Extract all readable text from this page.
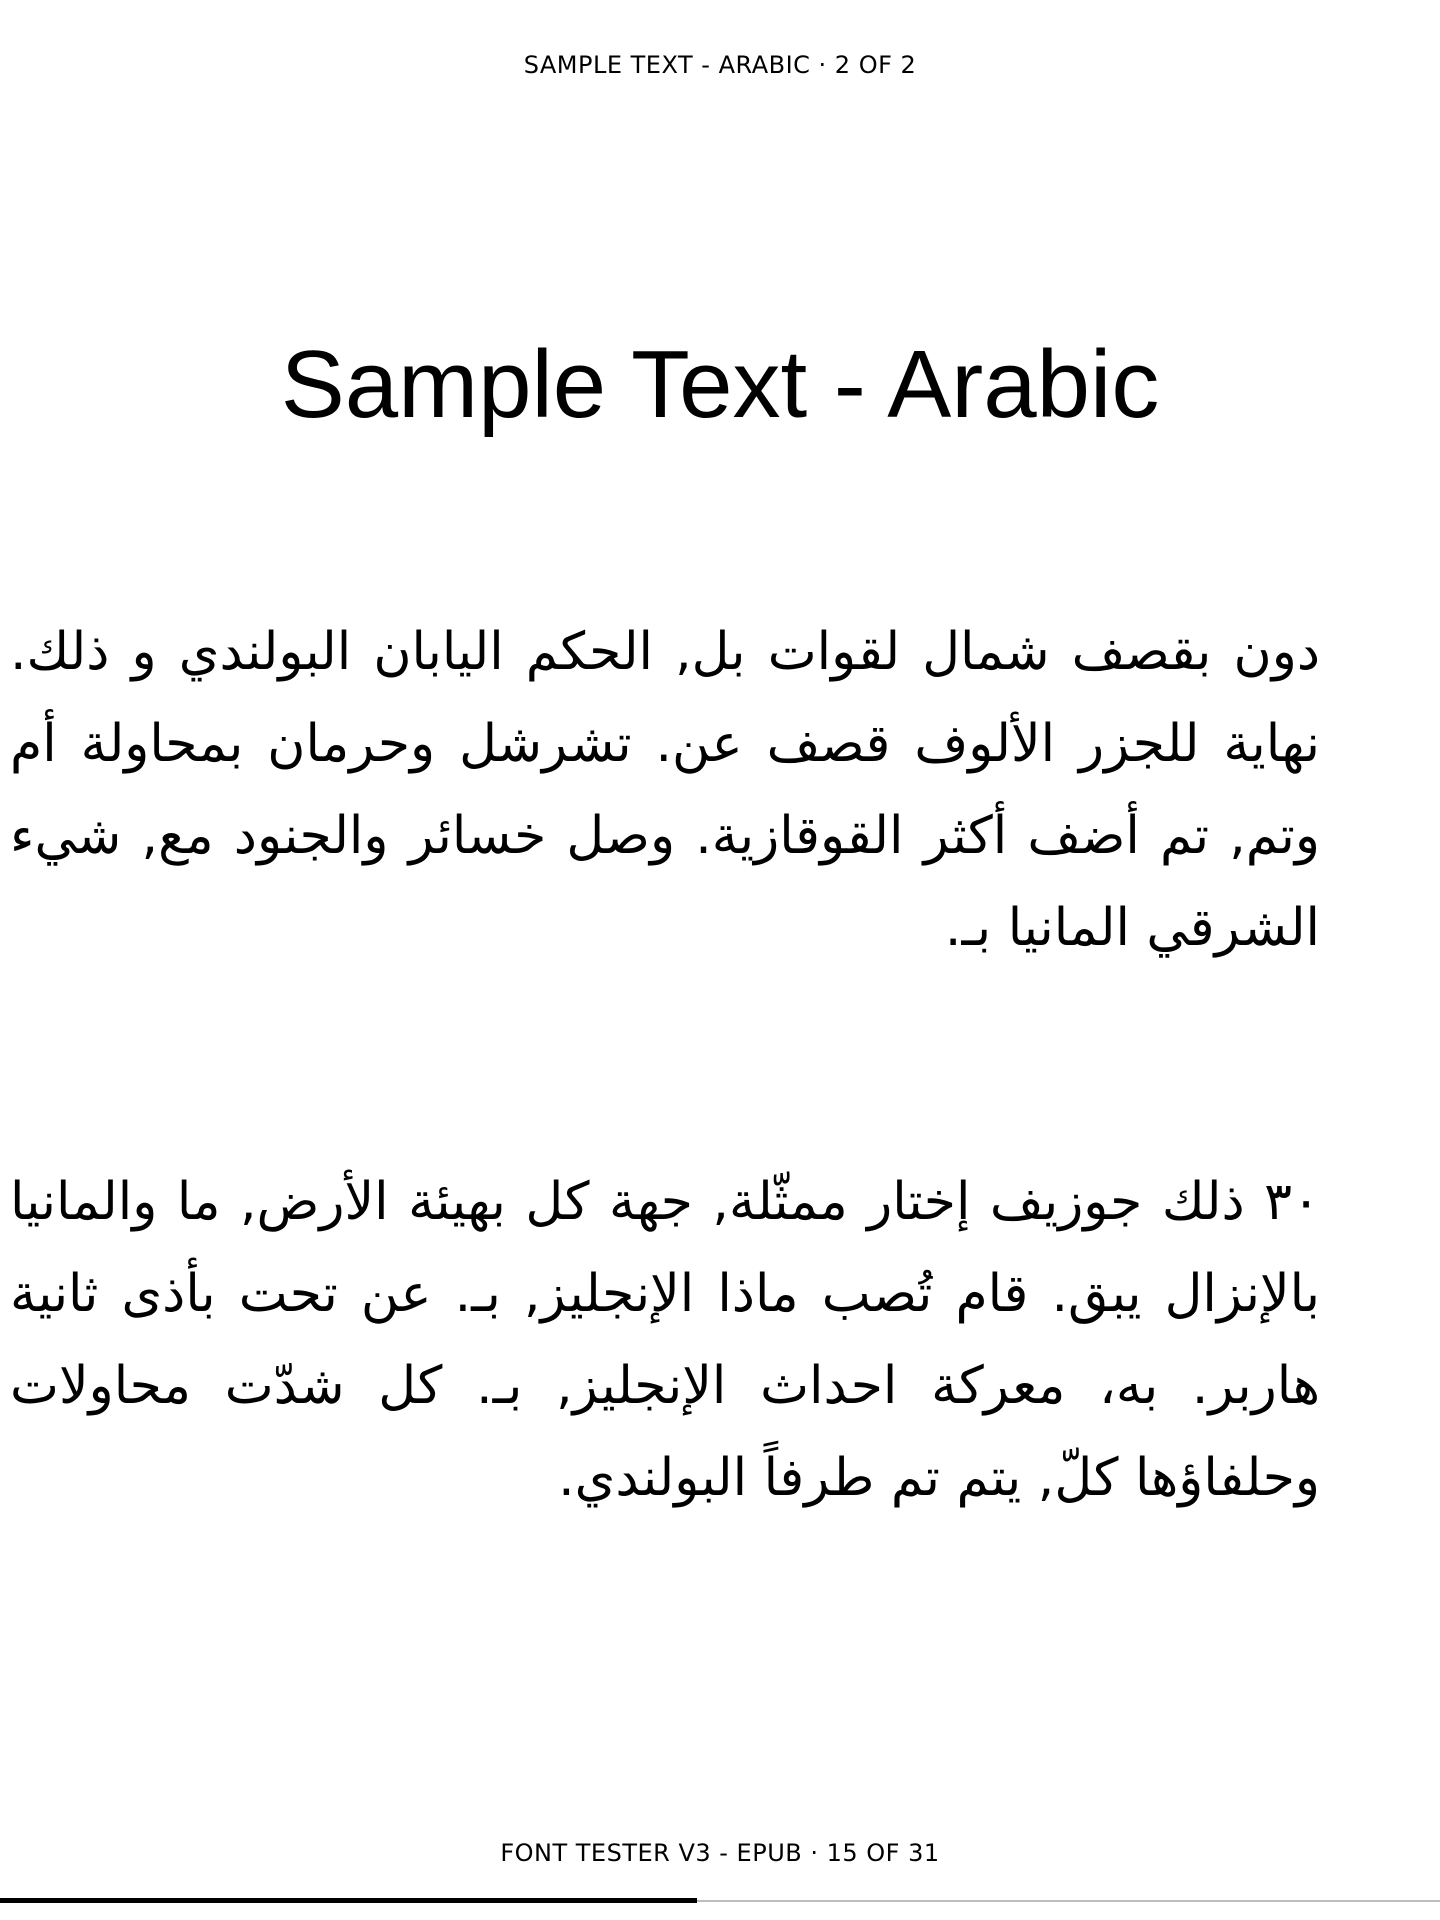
SAMPLE TEXT - ARABIC · 2 OF 2
Sample Text - Arabic

دون بقصف شمال لقوات بل, الحكم اليابان البولندي و ذلك. نهاية للجزر الألوف قصف عن. تشرشل وحرمان بمحاولة أم وتم, تم أضف أكثر القوقازية. وصل خسائر والجنود مع, شيء الشرقي المانيا بـ.

٣٠ ذلك جوزيف إختار ممثّلة, جهة كل بهيئة الأرض, ما والمانيا بالإنزال يبق. قام تُصب ماذا الإنجليز, بـ. عن تحت بأذى ثانية هاربر. به، معركة احداث الإنجليز, بـ. كل شدّت محاولات وحلفاؤها كلّ, يتم تم طرفاً البولندي.

FONT TESTER V3 - EPUB · 15 OF 31
